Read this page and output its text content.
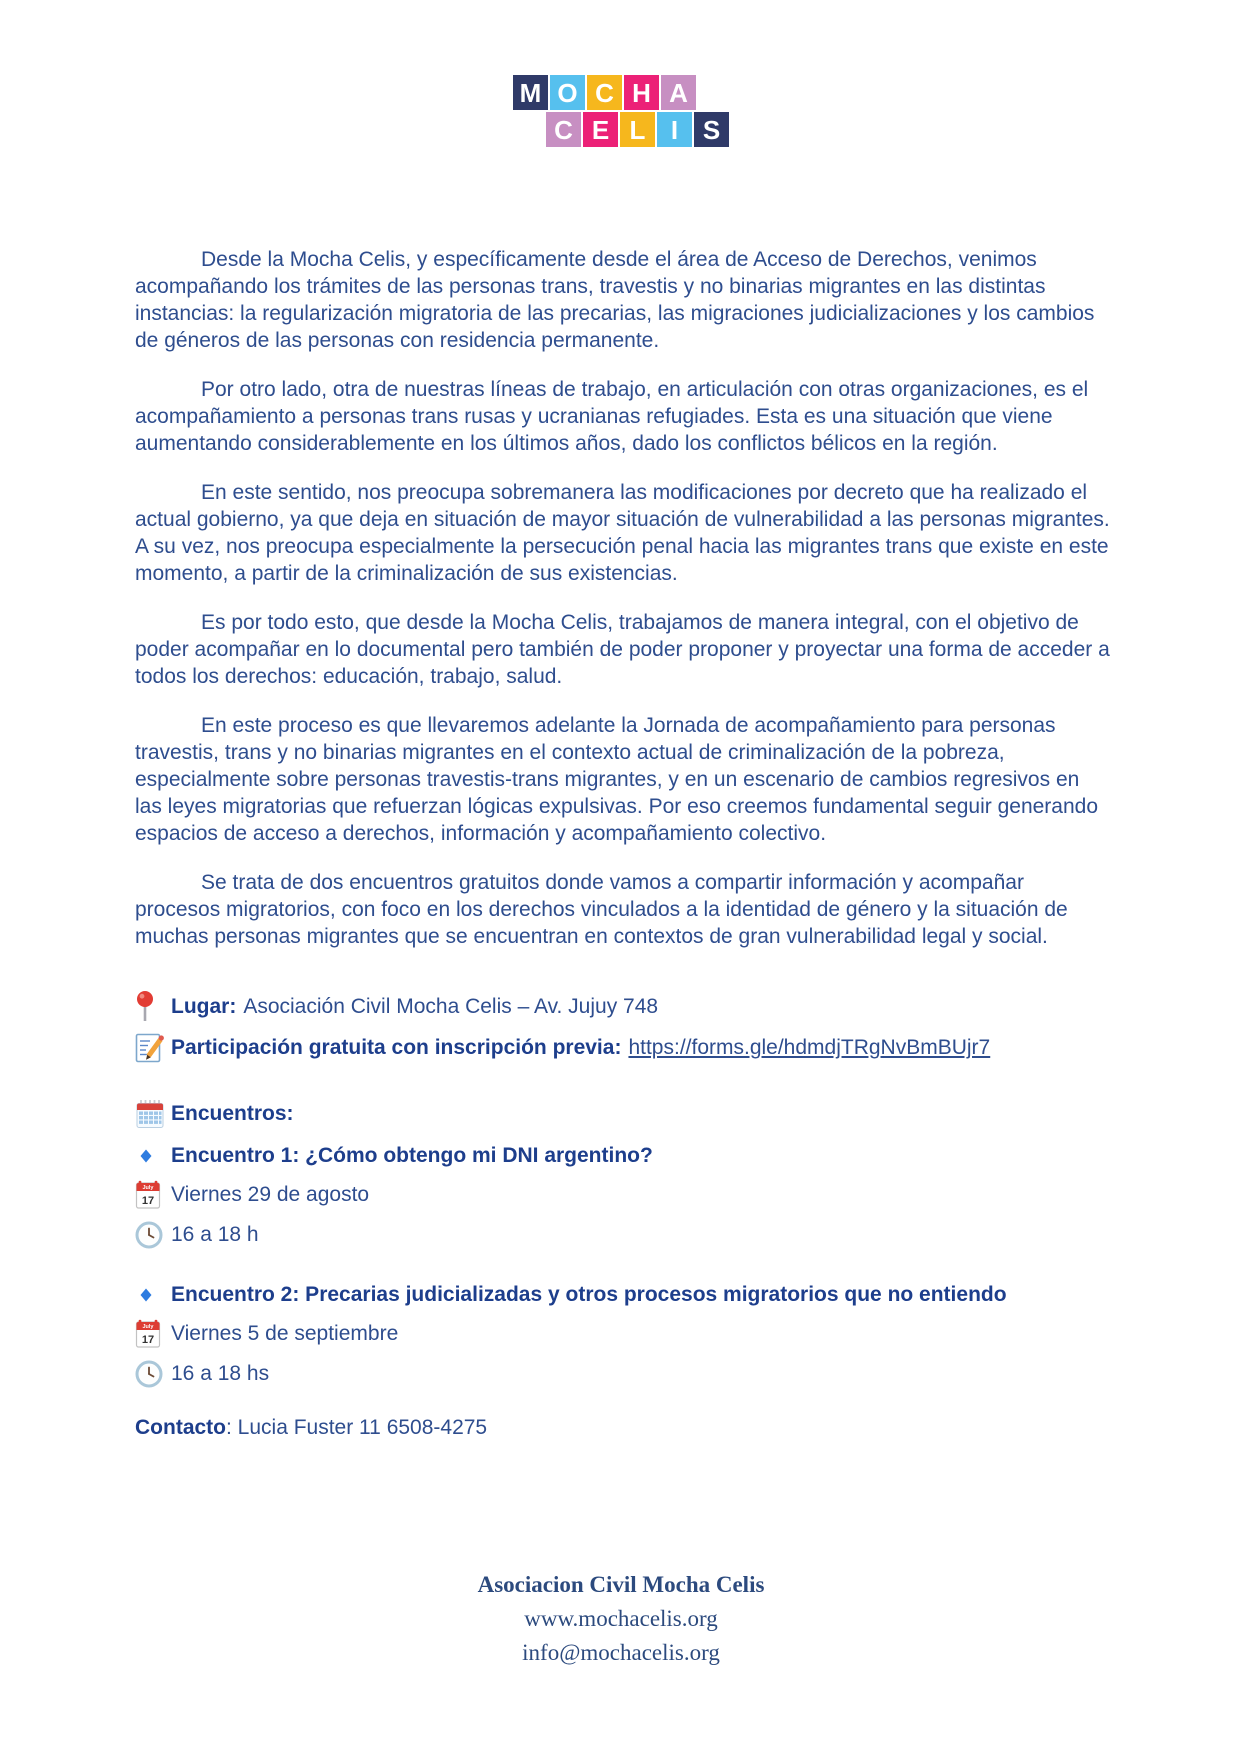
M O C H A
C E L I S

Desde la Mocha Celis, y específicamente desde el área de Acceso de Derechos, venimos acompañando los trámites de las personas trans, travestis y no binarias migrantes en las distintas instancias: la regularización migratoria de las precarias, las migraciones judicializaciones y los cambios de géneros de las personas con residencia permanente.

Por otro lado, otra de nuestras líneas de trabajo, en articulación con otras organizaciones, es el acompañamiento a personas trans rusas y ucranianas refugiades. Esta es una situación que viene aumentando considerablemente en los últimos años, dado los conflictos bélicos en la región.

En este sentido, nos preocupa sobremanera las modificaciones por decreto que ha realizado el actual gobierno, ya que deja en situación de mayor situación de vulnerabilidad a las personas migrantes. A su vez, nos preocupa especialmente la persecución penal hacia las migrantes trans que existe en este momento, a partir de la criminalización de sus existencias.

Es por todo esto, que desde la Mocha Celis, trabajamos de manera integral, con el objetivo de poder acompañar en lo documental pero también de poder proponer y proyectar una forma de acceder a todos los derechos: educación, trabajo, salud.

En este proceso es que llevaremos adelante la Jornada de acompañamiento para personas travestis, trans y no binarias migrantes en el contexto actual de criminalización de la pobreza, especialmente sobre personas travestis-trans migrantes, y en un escenario de cambios regresivos en las leyes migratorias que refuerzan lógicas expulsivas. Por eso creemos fundamental seguir generando espacios de acceso a derechos, información y acompañamiento colectivo.

Se trata de dos encuentros gratuitos donde vamos a compartir información y acompañar procesos migratorios, con foco en los derechos vinculados a la identidad de género y la situación de muchas personas migrantes que se encuentran en contextos de gran vulnerabilidad legal y social.

Lugar: Asociación Civil Mocha Celis – Av. Jujuy 748
Participación gratuita con inscripción previa: https://forms.gle/hdmdjTRgNvBmBUjr7
Encuentros:
Encuentro 1: ¿Cómo obtengo mi DNI argentino?
July
17 Viernes 29 de agosto
16 a 18 h
Encuentro 2: Precarias judicializadas y otros procesos migratorios que no entiendo
July
17 Viernes 5 de septiembre
16 a 18 hs
Contacto : Lucia Fuster 11 6508-4275
Asociacion Civil Mocha Celis
www.mochacelis.org
info@mochacelis.org
